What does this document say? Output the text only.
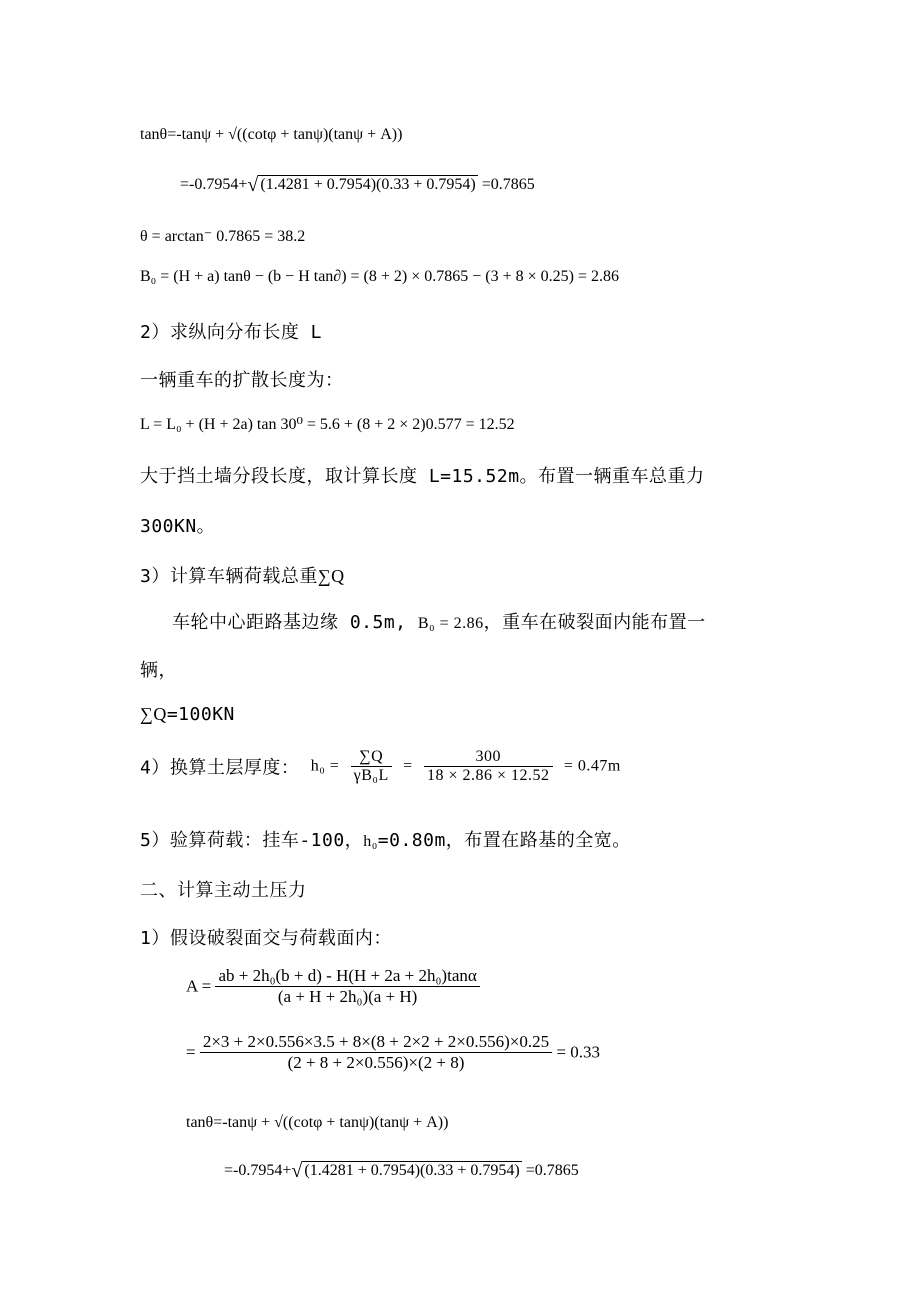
tanθ=-tanψ + √((cotφ + tanψ)(tanψ + A))
=-0.7954+√ (1.4281 + 0.7954)(0.33 + 0.7954) =0.7865
θ = arctan⁻ 0.7865 = 38.2
B₀ = (H + a) tanθ − (b − H tan∂) = (8 + 2) × 0.7865 − (3 + 8 × 0.25) = 2.86
2）求纵向分布长度 L
一辆重车的扩散长度为：
L = L₀ + (H + 2a) tan 30⁰ = 5.6 + (8 + 2 × 2)0.577 = 12.52
大于挡土墙分段长度，取计算长度 L=15.52m。布置一辆重车总重力
300KN。
3）计算车辆荷载总重∑Q
车轮中心距路基边缘 0.5m, B₀ = 2.86，重车在破裂面内能布置一
辆，
∑Q=100KN
4）换算土层厚度： $h_0 = \frac{\sum Q}{\text{γB₀L}} = \frac{300}{18 \times 2.86 \times 12.52} = 0.47m$
5）验算荷载：挂车-100，h₀=0.80m，布置在路基的全宽。
二、计算主动土压力
1）假设破裂面交与荷载面内：
$A = \frac{\text{ab + 2h₀(b + d) - H(H + 2a + 2h₀)tanα}}{\text{(a + H + 2h₀)(a + H)}}$
= $\frac{2\times 3 + 2\times 0.556\times 3.5 + 8\times(8 + 2\times 2 + 2\times 0.556)\times 0.25}{(2 + 8 + 2\times 0.556)\times(2 + 8)} = 0.33$
tanθ=-tanψ + √((cotφ + tanψ)(tanψ + A))
=-0.7954+√ (1.4281 + 0.7954)(0.33 + 0.7954) =0.7865
